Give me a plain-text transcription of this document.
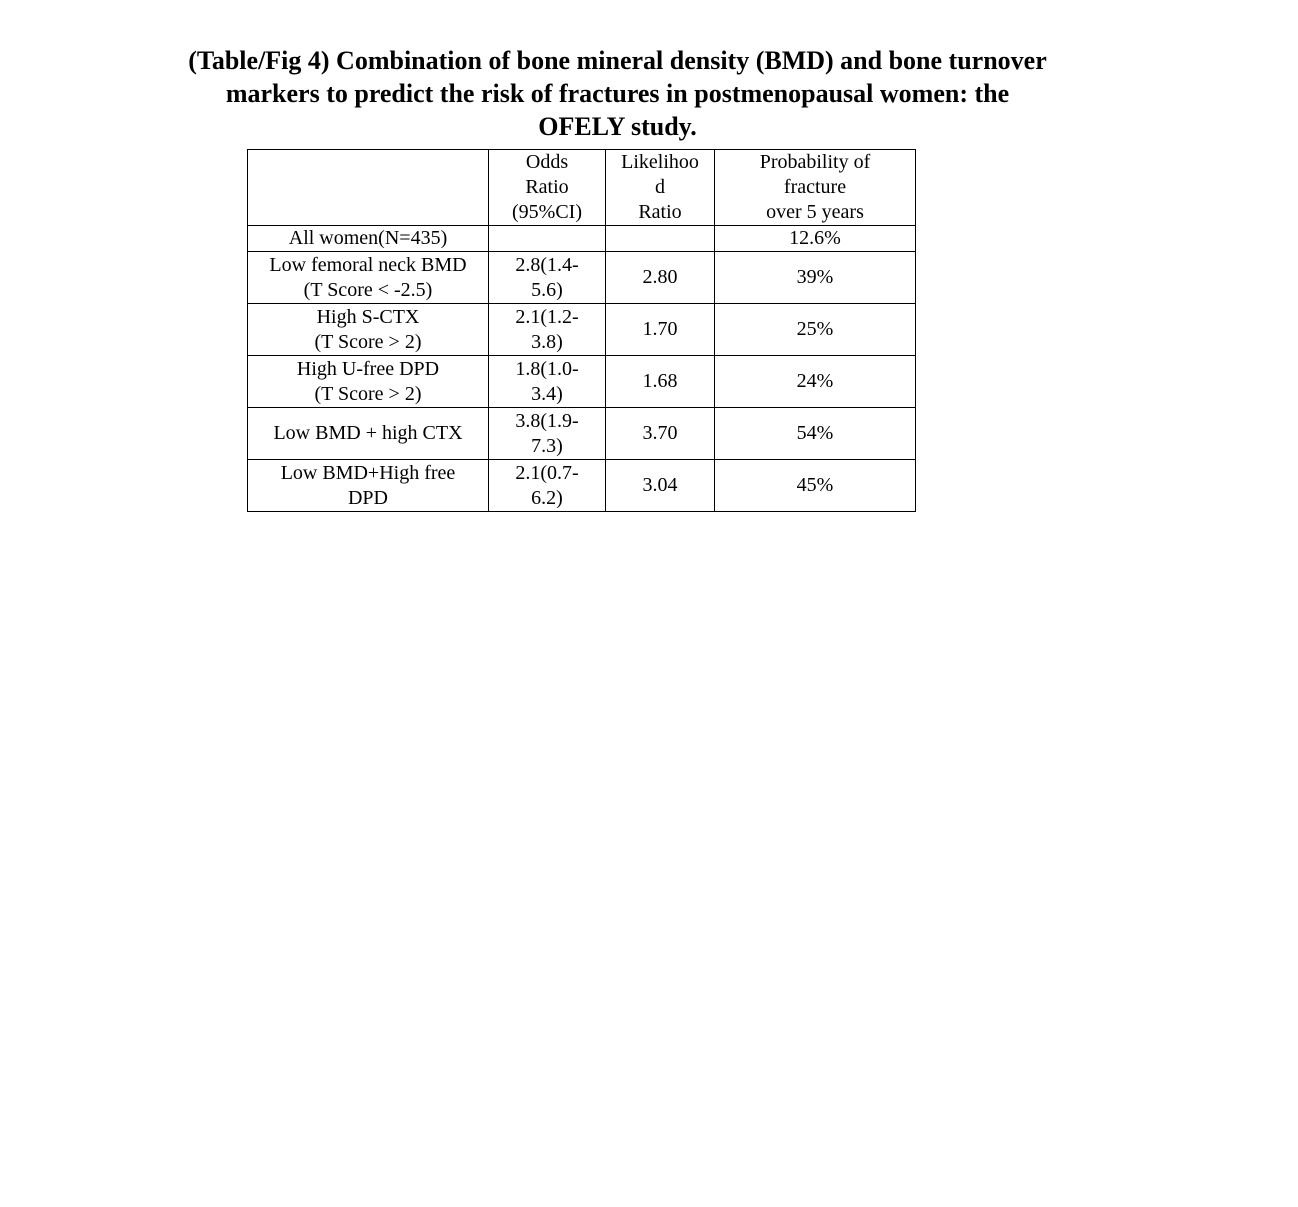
(Table/Fig 4) Combination of bone mineral density (BMD) and bone turnover
markers to predict the risk of fractures in postmenopausal women: the
OFELY study.

	Odds
Ratio
(95%CI)	Likelihoo
d
Ratio	Probability of
fracture
over 5 years

All women(N=435)			12.6%

Low femoral neck BMD
(T Score < -2.5)	2.8(1.4-
5.6)	2.80	39%

High S-CTX
(T Score > 2)	2.1(1.2-
3.8)	1.70	25%

High U-free DPD
(T Score > 2)	1.8(1.0-
3.4)	1.68	24%

Low BMD + high CTX	3.8(1.9-
7.3)	3.70	54%

Low BMD+High free
DPD	2.1(0.7-
6.2)	3.04	45%
